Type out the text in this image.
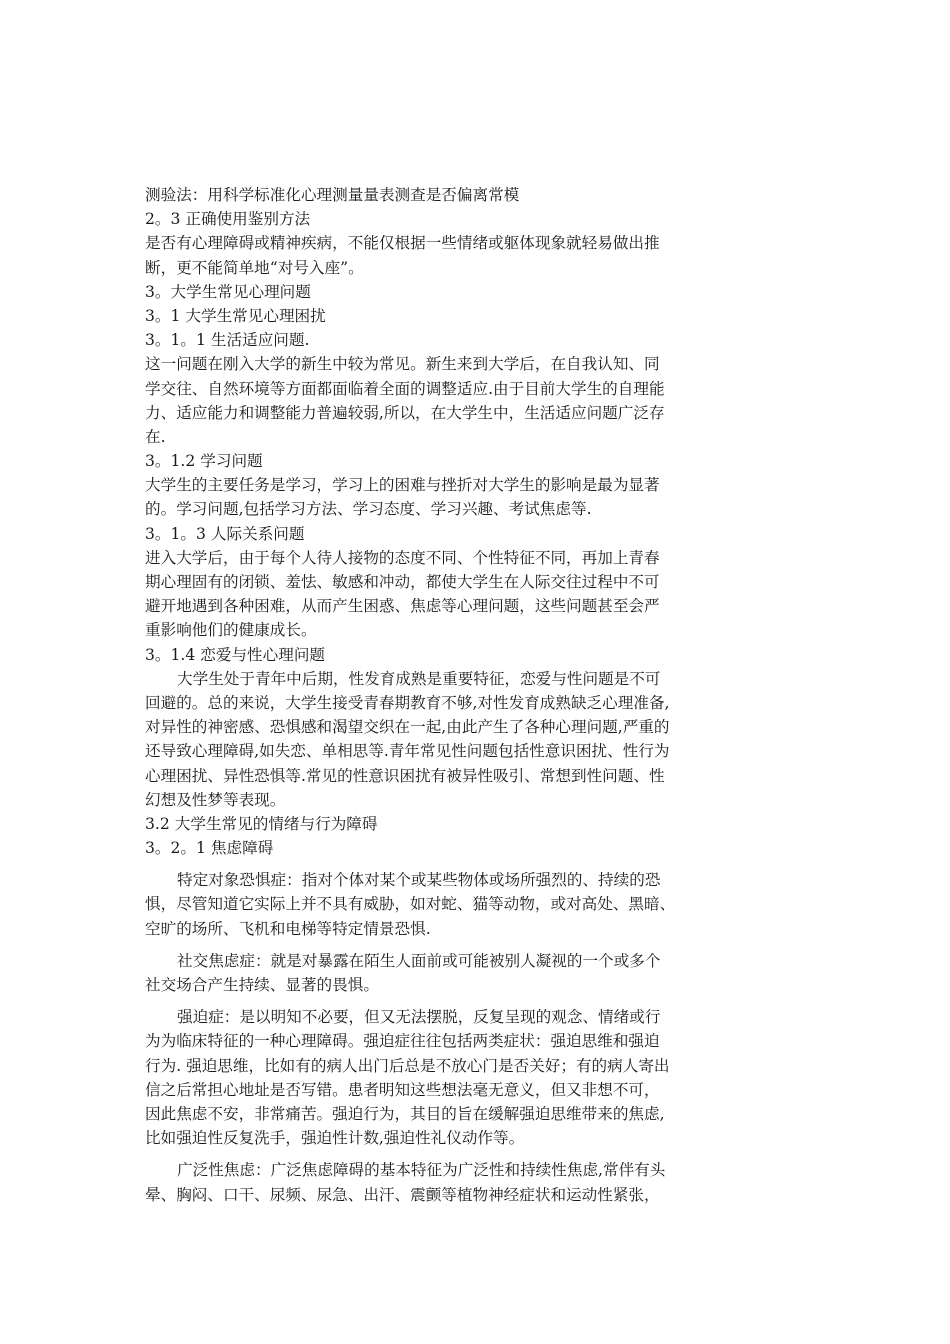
测验法：用科学标准化心理测量量表测查是否偏离常模
2。3 正确使用鉴别方法
是否有心理障碍或精神疾病，不能仅根据一些情绪或躯体现象就轻易做出推
断，更不能简单地“对号入座”。
3。大学生常见心理问题
3。1 大学生常见心理困扰
3。1。1 生活适应问题.
这一问题在刚入大学的新生中较为常见。新生来到大学后，在自我认知、同
学交往、自然环境等方面都面临着全面的调整适应.由于目前大学生的自理能
力、适应能力和调整能力普遍较弱,所以，在大学生中，生活适应问题广泛存
在.
3。1.2 学习问题
大学生的主要任务是学习，学习上的困难与挫折对大学生的影响是最为显著
的。学习问题,包括学习方法、学习态度、学习兴趣、考试焦虑等.
3。1。3 人际关系问题
进入大学后，由于每个人待人接物的态度不同、个性特征不同，再加上青春
期心理固有的闭锁、羞怯、敏感和冲动，都使大学生在人际交往过程中不可
避开地遇到各种困难，从而产生困惑、焦虑等心理问题，这些问题甚至会严
重影响他们的健康成长。
3。1.4 恋爱与性心理问题
大学生处于青年中后期，性发育成熟是重要特征，恋爱与性问题是不可
回避的。总的来说，大学生接受青春期教育不够,对性发育成熟缺乏心理准备,
对异性的神密感、恐惧感和渴望交织在一起,由此产生了各种心理问题,严重的
还导致心理障碍,如失恋、单相思等.青年常见性问题包括性意识困扰、性行为
心理困扰、异性恐惧等.常见的性意识困扰有被异性吸引、常想到性问题、性
幻想及性梦等表现。
3.2 大学生常见的情绪与行为障碍
3。2。1 焦虑障碍
特定对象恐惧症：指对个体对某个或某些物体或场所强烈的、持续的恐
惧，尽管知道它实际上并不具有威胁，如对蛇、猫等动物，或对高处、黑暗、
空旷的场所、飞机和电梯等特定情景恐惧.
社交焦虑症：就是对暴露在陌生人面前或可能被别人凝视的一个或多个
社交场合产生持续、显著的畏惧。
强迫症：是以明知不必要，但又无法摆脱，反复呈现的观念、情绪或行
为为临床特征的一种心理障碍。强迫症往往包括两类症状：强迫思维和强迫
行为. 强迫思维，比如有的病人出门后总是不放心门是否关好；有的病人寄出
信之后常担心地址是否写错。患者明知这些想法毫无意义，但又非想不可，
因此焦虑不安，非常痛苦。强迫行为，其目的旨在缓解强迫思维带来的焦虑,
比如强迫性反复洗手，强迫性计数,强迫性礼仪动作等。
广泛性焦虑：广泛焦虑障碍的基本特征为广泛性和持续性焦虑,常伴有头
晕、胸闷、口干、尿频、尿急、出汗、震颤等植物神经症状和运动性紧张，
